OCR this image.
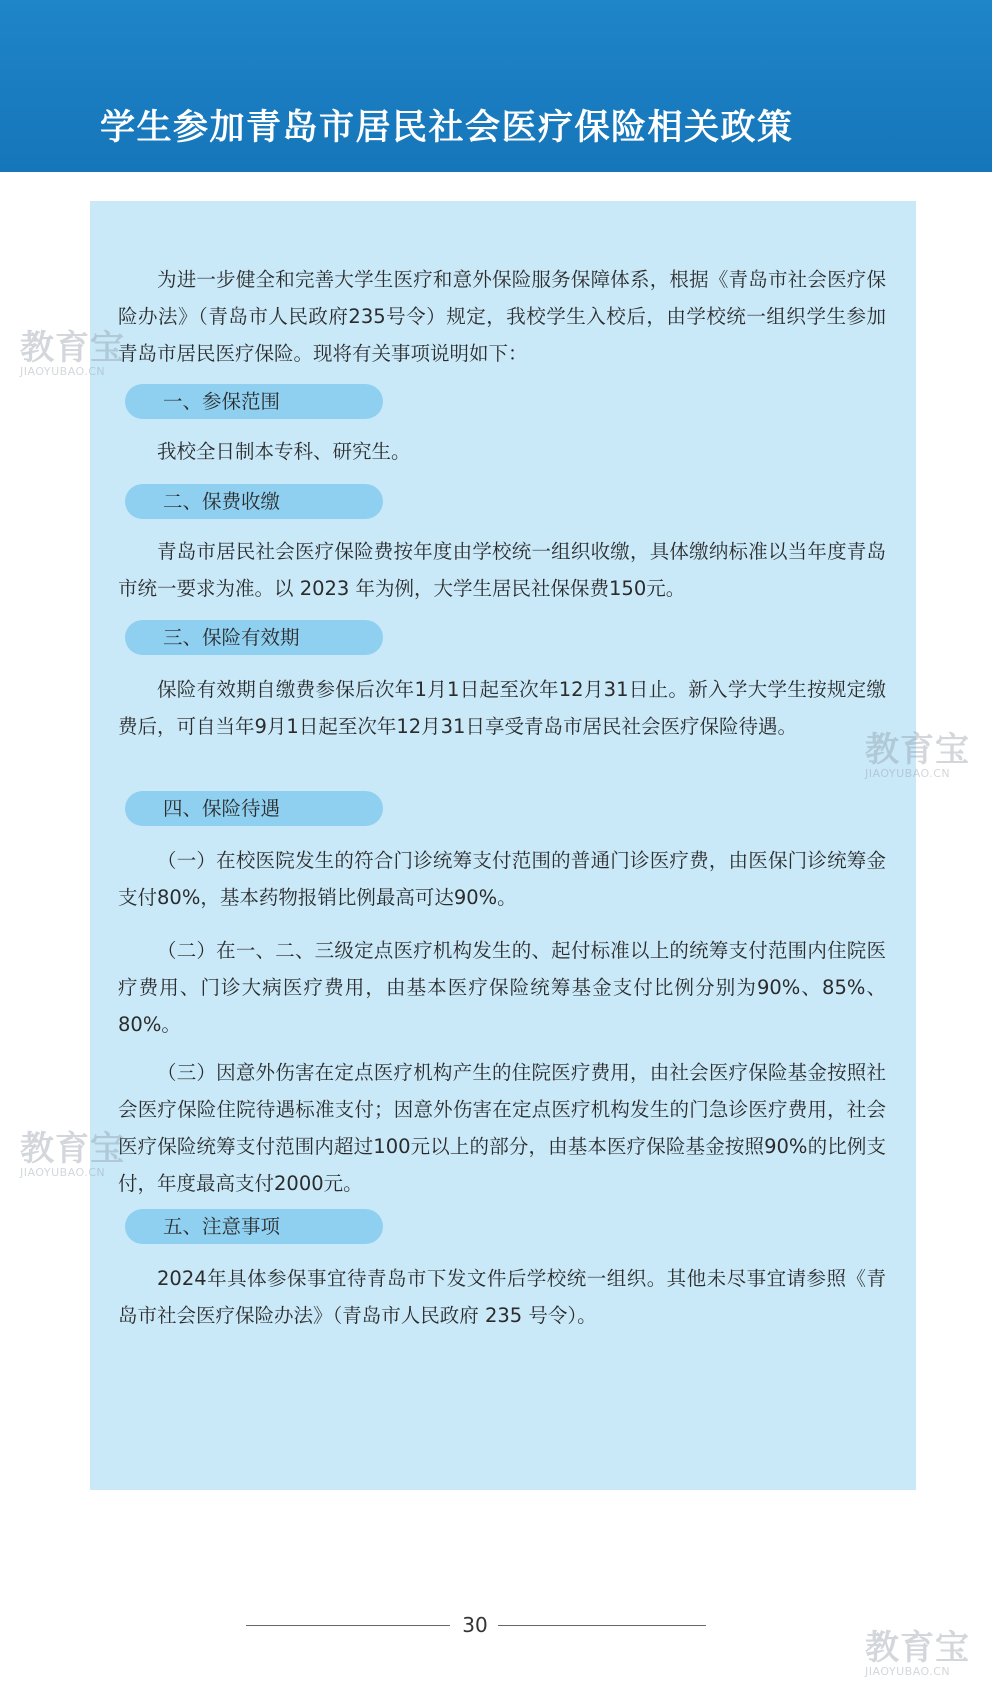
学生参加青岛市居民社会医疗保险相关政策

为进一步健全和完善大学生医疗和意外保险服务保障体系，根据《青岛市社会医疗保险办法》（青岛市人民政府235号令）规定，我校学生入校后，由学校统一组织学生参加青岛市居民医疗保险。现将有关事项说明如下：

一、参保范围

我校全日制本专科、研究生。

二、保费收缴

青岛市居民社会医疗保险费按年度由学校统一组织收缴，具体缴纳标准以当年度青岛市统一要求为准。以 2023 年为例，大学生居民社保保费150元。

三、保险有效期

保险有效期自缴费参保后次年1月1日起至次年12月31日止。新入学大学生按规定缴费后，可自当年9月1日起至次年12月31日享受青岛市居民社会医疗保险待遇。

四、保险待遇

（一）在校医院发生的符合门诊统筹支付范围的普通门诊医疗费，由医保门诊统筹金支付80%，基本药物报销比例最高可达90%。

（二）在一、二、三级定点医疗机构发生的、起付标准以上的统筹支付范围内住院医疗费用、门诊大病医疗费用，由基本医疗保险统筹基金支付比例分别为90%、85%、80%。

（三）因意外伤害在定点医疗机构产生的住院医疗费用，由社会医疗保险基金按照社会医疗保险住院待遇标准支付；因意外伤害在定点医疗机构发生的门急诊医疗费用，社会医疗保险统筹支付范围内超过100元以上的部分，由基本医疗保险基金按照90%的比例支付，年度最高支付2000元。

五、注意事项

2024年具体参保事宜待青岛市下发文件后学校统一组织。其他未尽事宜请参照《青岛市社会医疗保险办法》（青岛市人民政府 235 号令）。

30
教育宝
JIAOYUBAO.CN
教育宝
JIAOYUBAO.CN
教育宝
JIAOYUBAO.CN
教育宝
JIAOYUBAO.CN
